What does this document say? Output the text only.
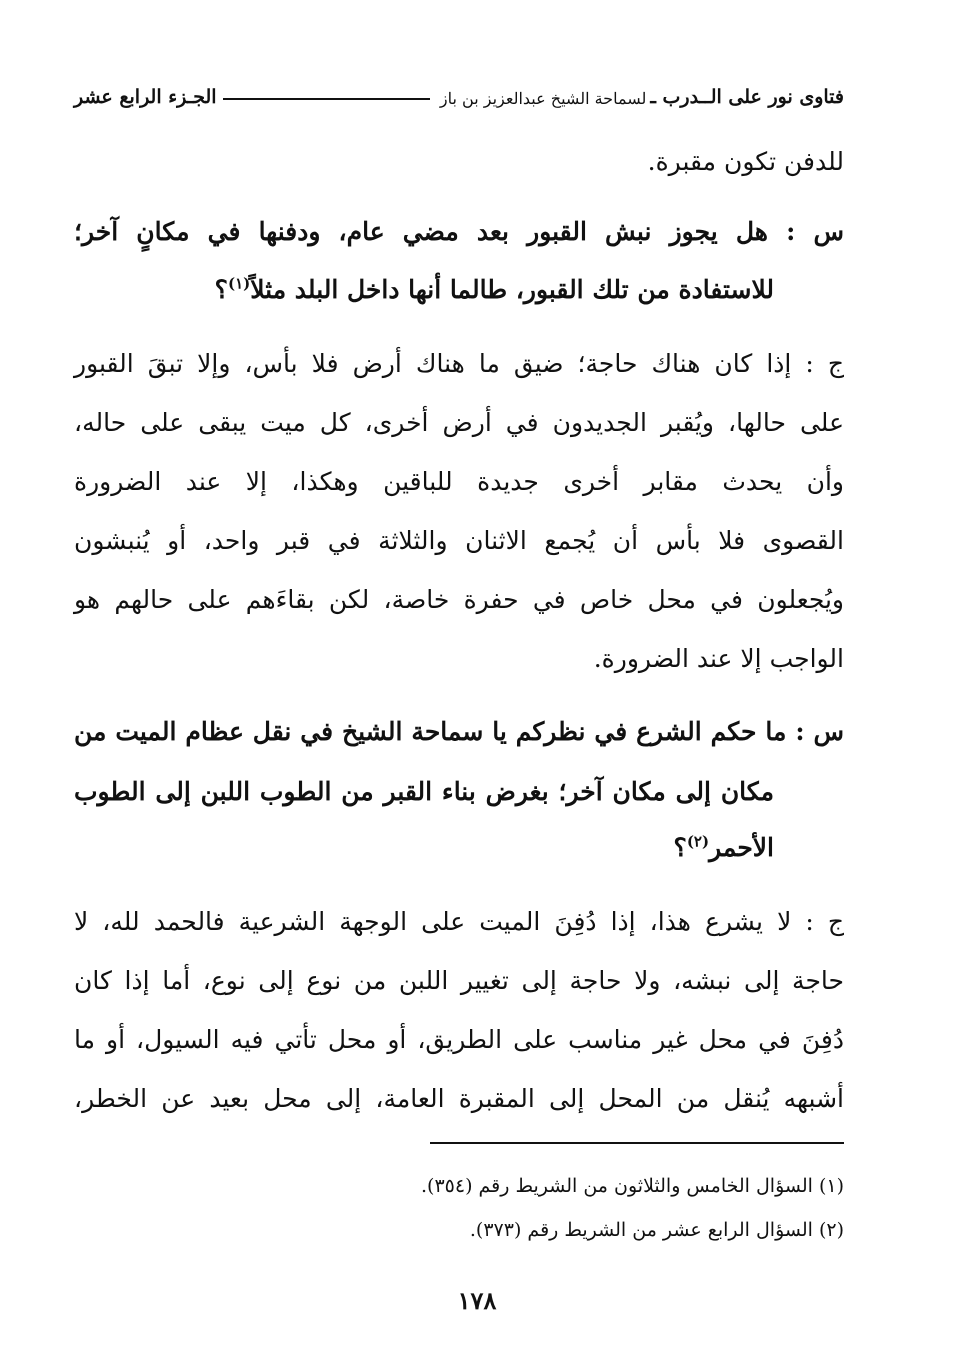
فتاوى نور على الــدرب ـ
لسماحة الشيخ عبدالعزيز بن باز
الجـزء الرابع عشر
للدفن تكون مقبرة.
س : هل يجوز نبش القبور بعد مضي عام، ودفنها في مكانٍ آخر؛
للاستفادة من تلك القبور، طالما أنها داخل البلد مثلاً$^{(١)}$؟
ج : إذا كان هناك حاجة؛ ضيق ما هناك أرض فلا بأس، وإلا تبقَ القبور
على حالها، ويُقبر الجديدون في أرض أخرى، كل ميت يبقى على حاله،
وأن يحدث مقابر أخرى جديدة للباقين وهكذا، إلا عند الضرورة
القصوى فلا بأس أن يُجمع الاثنان والثلاثة في قبر واحد، أو يُنبشون
ويُجعلون في محل خاص في حفرة خاصة، لكن بقاءَهم على حالهم هو
الواجب إلا عند الضرورة.
س : ما حكم الشرع في نظركم يا سماحة الشيخ في نقل عظام الميت من
مكان إلى مكان آخر؛ بغرض بناء القبر من الطوب اللبن إلى الطوب
الأحمر$^{(٢)}$؟
ج : لا يشرع هذا، إذا دُفِنَ الميت على الوجهة الشرعية فالحمد لله، لا
حاجة إلى نبشه، ولا حاجة إلى تغيير اللبن من نوع إلى نوع، أما إذا كان
دُفِنَ في محل غير مناسب على الطريق، أو محل تأتي فيه السيول، أو ما
أشبهه يُنقل من المحل إلى المقبرة العامة، إلى محل بعيد عن الخطر،
(١) السؤال الخامس والثلاثون من الشريط رقم (٣٥٤).
(٢) السؤال الرابع عشر من الشريط رقم (٣٧٣).
١٧٨
